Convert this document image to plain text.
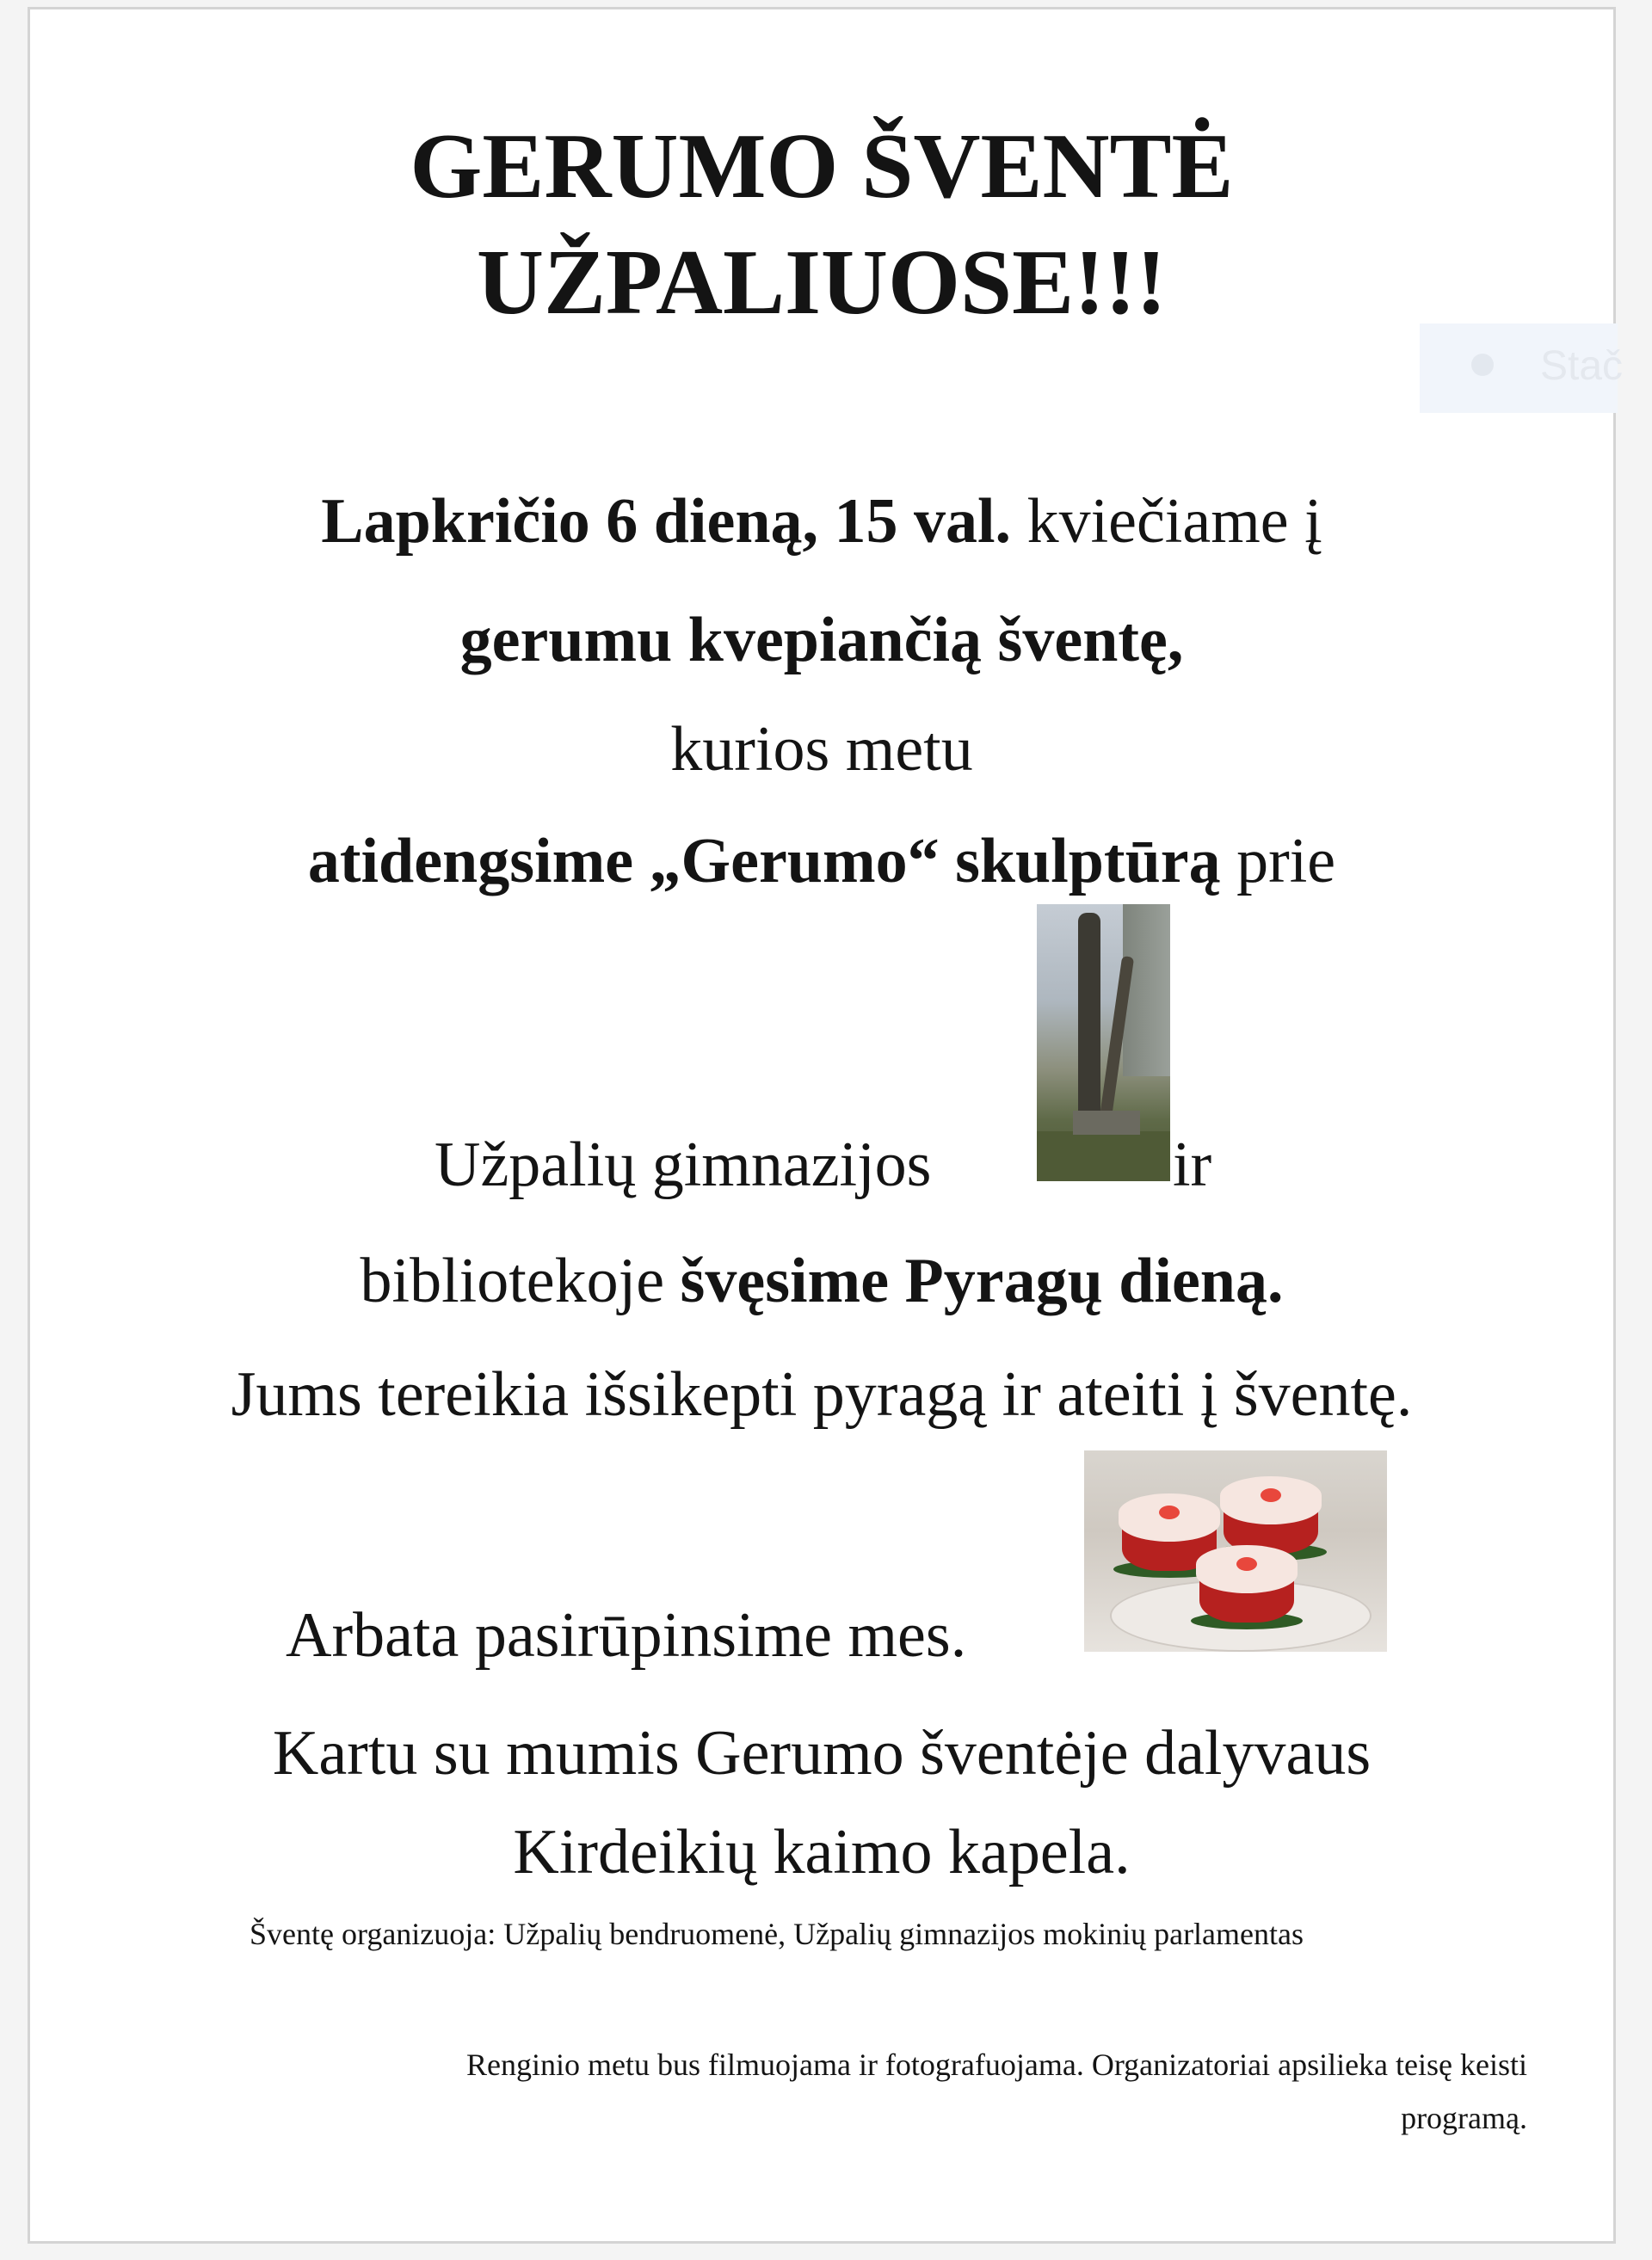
Stač
GERUMO ŠVENTĖ
UŽPALIUOSE!!!
Lapkričio 6 dieną, 15 val. kviečiame į
gerumu kvepiančią šventę,
kurios metu
atidengsime „Gerumo“ skulptūrą prie
Užpalių gimnazijos	ir
bibliotekoje švęsime Pyragų dieną.
Jums tereikia išsikepti pyragą ir ateiti į šventę.
Arbata pasirūpinsime mes.
Kartu su mumis Gerumo šventėje dalyvaus
Kirdeikių kaimo kapela.
Šventę organizuoja: Užpalių bendruomenė, Užpalių gimnazijos mokinių parlamentas
Renginio metu bus filmuojama ir fotografuojama. Organizatoriai apsilieka teisę keisti
programą.
